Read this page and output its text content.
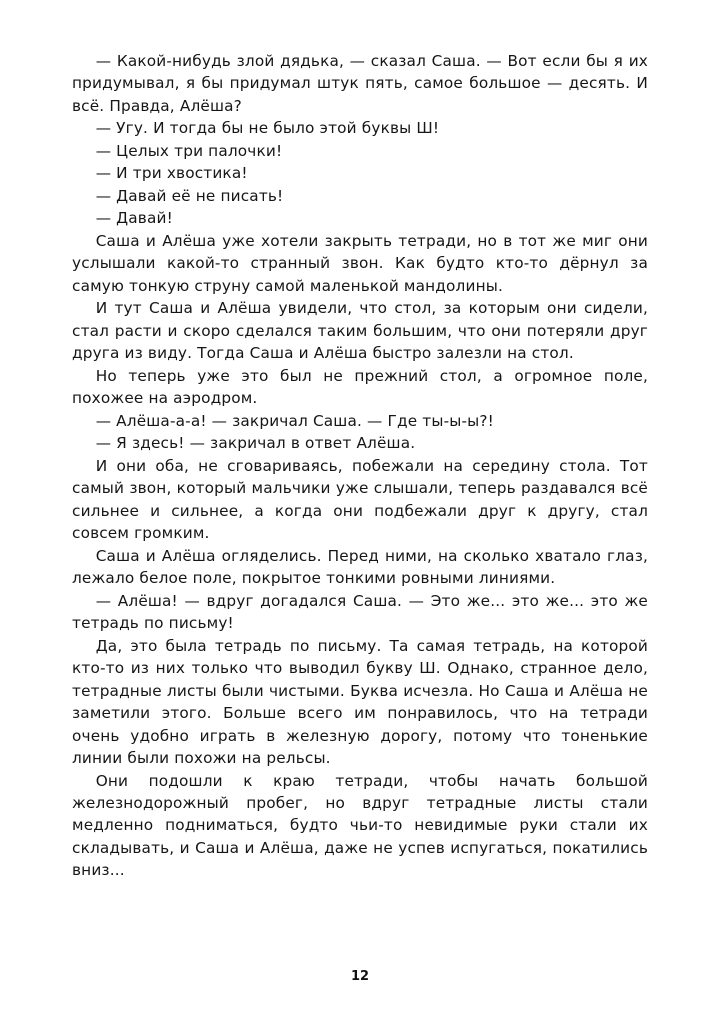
— Какой-нибудь злой дядька, — сказал Саша. — Вот если бы я их придумывал, я бы придумал штук пять, самое большое — десять. И всё. Правда, Алёша?

— Угу. И тогда бы не было этой буквы Ш!

— Целых три палочки!

— И три хвостика!

— Давай её не писать!

— Давай!

Саша и Алёша уже хотели закрыть тетради, но в тот же миг они услышали какой-то странный звон. Как будто кто-то дёрнул за самую тонкую струну самой маленькой мандолины.

И тут Саша и Алёша увидели, что стол, за которым они сидели, стал расти и скоро сделался таким большим, что они потеряли друг друга из виду. Тогда Саша и Алёша быстро залезли на стол.

Но теперь уже это был не прежний стол, а огромное поле, похожее на аэродром.

— Алёша-а-а! — закричал Саша. — Где ты-ы-ы?!

— Я здесь! — закричал в ответ Алёша.

И они оба, не сговариваясь, побежали на середину стола. Тот самый звон, который мальчики уже слышали, теперь раздавался всё сильнее и сильнее, а когда они подбежали друг к другу, стал совсем громким.

Саша и Алёша огляделись. Перед ними, на сколько хватало глаз, лежало белое поле, покрытое тонкими ровными линиями.

— Алёша! — вдруг догадался Саша. — Это же... это же... это же тетрадь по письму!

Да, это была тетрадь по письму. Та самая тетрадь, на которой кто-то из них только что выводил букву Ш. Однако, странное дело, тетрадные листы были чистыми. Буква исчезла. Но Саша и Алёша не заметили этого. Больше всего им понравилось, что на тетради очень удобно играть в железную дорогу, потому что тоненькие линии были похожи на рельсы.

Они подошли к краю тетради, чтобы начать большой железнодорожный пробег, но вдруг тетрадные листы стали медленно подниматься, будто чьи-то невидимые руки стали их складывать, и Саша и Алёша, даже не успев испугаться, покатились вниз...

12
